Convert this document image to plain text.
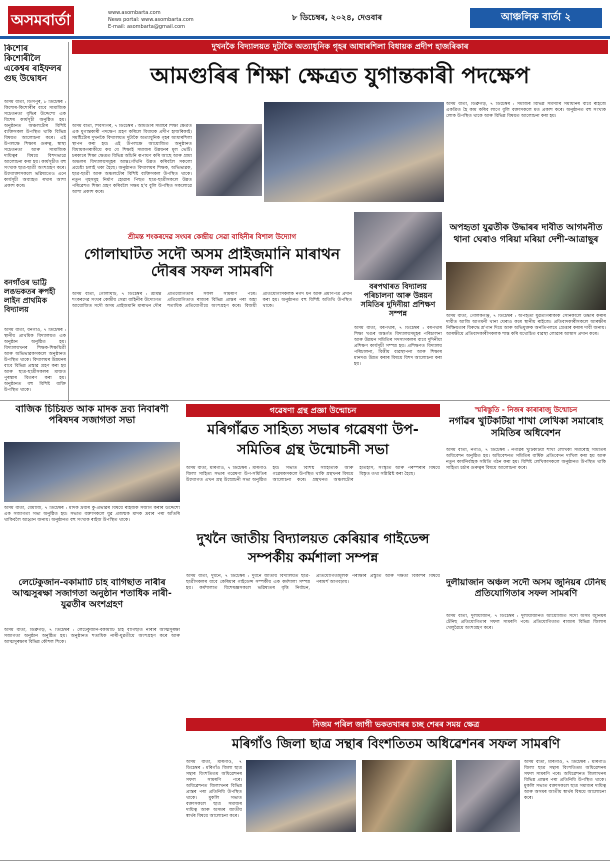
অসমবাৰ্তা	www.asombarta.com
News portal: www.asombarta.com
E-mail: asombarta@gmail.com
৮ ডিচেম্বৰ, ২০২৪, দেওবাৰ	আঞ্চলিক বাৰ্তা ২
কিশোৰ কিশোৰীলৈ একেশ্বৰ ৰাইফলৰ গুছ উদ্বোধন
অসম বাৰ্তা, ডিসপুৰ, ৮ ডিচেম্বৰ : কিশোৰ-কিশোৰীৰ বাবে সামাজিক সচেতনতা বৃদ্ধিৰ উদ্দেশ্যে এক বিশেষ কাৰ্যসূচী অনুষ্ঠিত হয়। অনুষ্ঠানত অঞ্চলটোৰ বিশিষ্ট ব্যক্তিসকল উপস্থিত থাকি বিভিন্ন বিষয়ত আলোচনা কৰে। এই উপলক্ষে শিক্ষাৰ গুৰুত্ব, স্বাস্থ্য সচেতনতা আৰু সামাজিক দায়িত্বৰ বিষয়ে বিশদভাৱে আলোচনা কৰা হয়। কাৰ্যসূচীত বহু সংখ্যক ছাত্ৰ-ছাত্ৰী অংশগ্ৰহণ কৰে। উদ্যোক্তাসকলে ভৱিষ্যতেও এনে কাৰ্যসূচী অব্যাহত ৰখাৰ আশা প্ৰকাশ কৰে।
বনগাঁওৰ ভাট্টি লঙভকতৰ ৰুপহী লাইন প্ৰাথমিক বিদ্যালয়
অসম বাৰ্তা, বনগাঁও, ৭ ডিচেম্বৰ : স্থানীয় প্ৰাথমিক বিদ্যালয়ত এক অনুষ্ঠান অনুষ্ঠিত হয়। বিদ্যালয়খনৰ শিক্ষক-শিক্ষয়িত্ৰী আৰু অভিভাৱকসকলে অনুষ্ঠানত উপস্থিত থাকে। বিদ্যালয়ৰ উন্নয়নৰ বাবে বিভিন্ন প্ৰস্তাৱ গ্ৰহণ কৰা হয় আৰু ছাত্ৰ-ছাত্ৰীসকলৰ মাজত পুৰস্কাৰ বিতৰণ কৰা হয়। অনুষ্ঠানত বহু বিশিষ্ট ব্যক্তি উপস্থিত থাকে।
দুখনকৈ বিদ্যালয়ত দুটাকৈ অত্যাধুনিক গৃহৰ আধাৰশিলা বিধায়ক প্ৰদীপ হাজৰিকাৰ
আমগুৰিৰ শিক্ষা ক্ষেত্ৰত যুগান্তকাৰী পদক্ষেপ
অসম বাৰ্তা, শিবসাগৰ, ৭ ডিচেম্বৰ : আমগুৰি সমষ্টিৰ শিক্ষা ক্ষেত্ৰত এক যুগান্তকাৰী পদক্ষেপ গ্ৰহণ কৰিলে বিধায়ক প্ৰদীপ হাজৰিকাই। সমষ্টিটোৰ দুখনকৈ বিদ্যালয়ত দুটাকৈ অত্যাধুনিক গৃহৰ আধাৰশিলা স্থাপন কৰা হয়। এই উপলক্ষে আয়োজিত অনুষ্ঠানত বিধায়কগৰাকীয়ে কয় যে শিক্ষাই সমাজৰ উন্নয়নৰ মূল ভেটি। চৰকাৰে শিক্ষা ক্ষেত্ৰত বিভিন্ন আঁচনি ৰূপায়ণ কৰি আছে আৰু গ্ৰাম্য অঞ্চলৰ বিদ্যালয়সমূহৰ আন্তঃগাঁথনি উন্নত কৰিবলৈ সকলো প্ৰচেষ্টা চলাই থকা হৈছে। অনুষ্ঠানত বিদ্যালয়ৰ শিক্ষক, অভিভাৱক, ছাত্ৰ-ছাত্ৰী আৰু অঞ্চলটোৰ বিশিষ্ট ব্যক্তিসকল উপস্থিত থাকে। নতুন গৃহসমূহ নিৰ্মাণ হোৱাৰ পিছত ছাত্ৰ-ছাত্ৰীসকলে উন্নত পৰিৱেশত শিক্ষা গ্ৰহণ কৰিবলৈ সক্ষম হ'ব বুলি উপস্থিত সকলোৱে আশা প্ৰকাশ কৰে।
অসম বাৰ্তা, ডিব্ৰুগড়, ৭ ডিচেম্বৰ : সমাজৰ বিভিন্ন সমস্যাৰ সমাধানৰ বাবে ৰাইজে একত্ৰিত হৈ কাম কৰিব লাগে বুলি বক্তাসকলে মত প্ৰকাশ কৰে। অনুষ্ঠানত বহু সংখ্যক লোক উপস্থিত থাকে আৰু বিভিন্ন বিষয়ত আলোচনা কৰা হয়।
অপহৃতা যুৱতীক উদ্ধাৰৰ দাবীত আগমনীত থানা ঘেৰাও গৰিয়া মৰিয়া দেশী-আত্ৰাছুৰ
অসম বাৰ্তা, গোলকগঞ্জ, ৭ ডিচেম্বৰ : অপহৃতা যুৱতীগৰাকীক সোনকালে উদ্ধাৰ কৰাৰ দাবীত আজি আগমনী থানা ঘেৰাও কৰে স্থানীয় ৰাইজে। প্ৰতিবাদকাৰীসকলে আৰক্ষীৰ নিষ্ক্ৰিয়তাৰ বিৰুদ্ধে শ্ল'গান দিয়ে আৰু অভিযুক্তক অনতিপলমে গ্ৰেপ্তাৰ কৰাৰ দাবী জনায়। আৰক্ষীয়ে প্ৰতিবাদকাৰীসকলক শান্ত কৰি যথোচিত ব্যৱস্থা লোৱাৰ আশ্বাস প্ৰদান কৰে।
শ্ৰীমন্ত শংকৰদেৱ সংঘৰ কেন্দ্ৰীয় সেৱা বাহিনীৰ বিশাল উদ্যোগ
গোলাঘাটত সদৌ অসম প্ৰাইজমানি মাৰাথন দৌৰৰ সফল সামৰণি
অসম বাৰ্তা, গোলাঘাট, ৭ ডিচেম্বৰ : শ্ৰীমন্ত শংকৰদেৱ সংঘৰ কেন্দ্ৰীয় সেৱা বাহিনীৰ উদ্যোগত আয়োজিত সদৌ অসম প্ৰাইজমানি মাৰাথন দৌৰ প্ৰতিযোগিতাৰ সফল সামৰণি পৰে। প্ৰতিযোগিতাত ৰাজ্যৰ বিভিন্ন প্ৰান্তৰ পৰা অহা শতাধিক প্ৰতিযোগীয়ে অংশগ্ৰহণ কৰে। বিজয়ী প্ৰতিযোগীসকলক নগদ ধন আৰু প্ৰমাণপত্ৰ প্ৰদান কৰা হয়। অনুষ্ঠানত বহু বিশিষ্ট অতিথি উপস্থিত থাকে।
বৰপথাৰত বিদ্যালয় পৰিচালনা আৰু উন্নয়ন সমিতিৰ দুদিনীয়া প্ৰশিক্ষণ সম্পন্ন
অসম বাৰ্তা, বৰপথাৰ, ৭ ডিচেম্বৰ : বৰপথাৰ শিক্ষা খণ্ডৰ অন্তৰ্গত বিদ্যালয়সমূহৰ পৰিচালনা আৰু উন্নয়ন সমিতিৰ সদস্যসকলৰ বাবে দুদিনীয়া প্ৰশিক্ষণ কাৰ্যসূচী সম্পন্ন হয়। প্ৰশিক্ষণত বিদ্যালয় পৰিচালনা, বিত্তীয় ব্যৱস্থাপনা আৰু শিক্ষাৰ মানদণ্ড উন্নত কৰাৰ বিষয়ে বিশদ আলোচনা কৰা হয়।
বাজিক চিচিয়ত আক মাদক দ্ৰব্য নিবাৰণী পৰিষদৰ সজাগতা সভা
অসম বাৰ্তা, ধেমাজি, ৭ ডিচেম্বৰ : মাদক দ্ৰব্যৰ কু-প্ৰভাৱৰ বিষয়ে ৰাইজক সজাগ কৰাৰ উদ্দেশ্যে এক সজাগতা সভা অনুষ্ঠিত হয়। সভাত বক্তাসকলে যুৱ প্ৰজন্মক মাদক দ্ৰব্যৰ পৰা আঁতৰি থাকিবলৈ আহ্বান জনায়। অনুষ্ঠানত বহু সংখ্যক ৰাইজ উপস্থিত থাকে।
লেটেকুজান-বকামাটি চাহ বাগিছাত নাৰীৰ আত্মসুৰক্ষা সজাগতা অনুষ্ঠান শতাধিক নাৰী-যুৱতীৰ অংশগ্ৰহণ
অসম বাৰ্তা, ডিব্ৰুগড়, ৭ ডিচেম্বৰ : লেটেকুজান-বকামাটি চাহ বাগিছাত নাৰীৰ আত্মসুৰক্ষা সজাগতা অনুষ্ঠান অনুষ্ঠিত হয়। অনুষ্ঠানত শতাধিক নাৰী-যুৱতীয়ে অংশগ্ৰহণ কৰে আৰু আত্মসুৰক্ষাৰ বিভিন্ন কৌশল শিকে।
গৱেষণা গ্ৰন্থ প্ৰজ্ঞা উন্মোচন
মৰিগাঁৱত সাহিত্য সভাৰ গৱেষণা উপ-সমিতিৰ গ্ৰন্থ উন্মোচনী সভা
অসম বাৰ্তা, মৰিগাঁও, ৭ ডিচেম্বৰ : মৰিগাঁও জিলা সাহিত্য সভাৰ গৱেষণা উপ-সমিতিৰ উদ্যোগত এখন গ্ৰন্থ উন্মোচনী সভা অনুষ্ঠিত হয়। সভাত বিশিষ্ট সাহিত্যিক আৰু গৱেষকসকলে উপস্থিত থাকি গ্ৰন্থখনৰ বিষয়ে আলোচনা কৰে। গ্ৰন্থখনত অঞ্চলটোৰ ইতিহাস, সংস্কৃতি আৰু পৰম্পৰাৰ বিষয়ে বিস্তৃত তথ্য সন্নিৱিষ্ট কৰা হৈছে।
দুখনৈ জাতীয় বিদ্যালয়ত কেৰিয়াৰ গাইডেন্স সম্পৰ্কীয় কৰ্মশালা সম্পন্ন
অসম বাৰ্তা, দুধনৈ, ৭ ডিচেম্বৰ : দুধনৈ জাতীয় বিদ্যালয়ত ছাত্ৰ-ছাত্ৰীসকলৰ বাবে কেৰিয়াৰ গাইডেন্স সম্পৰ্কীয় এক কৰ্মশালা সম্পন্ন হয়। কৰ্মশালাত বিশেষজ্ঞসকলে ভৱিষ্যতৰ বৃত্তি নিৰ্বাচন, প্ৰতিযোগিতামূলক পৰীক্ষাৰ প্ৰস্তুতি আৰু দক্ষতা বিকাশৰ বিষয়ে পৰামৰ্শ আগবঢ়ায়।
স্মৰিস্তুতি - নিজৰ কাৰাৰাজু উন্মোচন
নগাঁৱৰ খুটিকটিয়া শাখা লেখিকা সমাৰোহ সমিতিৰ অধিবেশন
অসম বাৰ্তা, নগাঁও, ৭ ডিচেম্বৰ : নগাঁৱৰ খুটিকটিয়া শাখা লেখিকা সমাৰোহ সমিতিৰ অধিবেশন অনুষ্ঠিত হয়। অধিবেশনত সমিতিৰ বাৰ্ষিক প্ৰতিবেদন দাখিল কৰা হয় আৰু নতুন কাৰ্যনিৰ্বাহক সমিতি গঠন কৰা হয়। বিশিষ্ট লেখিকাসকলে অনুষ্ঠানত উপস্থিত থাকি সাহিত্য চৰ্চাৰ গুৰুত্বৰ বিষয়ে আলোচনা কৰে।
দুলীয়াজান অঞ্চল সদৌ অসম জুনিয়ৰ টেনিছ প্ৰতিযোগিতাৰ সফল সামৰণি
অসম বাৰ্তা, দুলীয়াজান, ৭ ডিচেম্বৰ : দুলীয়াজানত আয়োজিত সদৌ অসম জুনিয়ৰ টেনিছ প্ৰতিযোগিতাৰ সফল সামৰণি পৰে। প্ৰতিযোগিতাত ৰাজ্যৰ বিভিন্ন জিলাৰ খেলুৱৈয়ে অংশগ্ৰহণ কৰে।
নিজম পৰিল জাগী ভকতখাৰৰ চচ্ছ শেৰৰ সময় ক্ষেত্ৰ
মৰিগাঁও জিলা ছাত্ৰ সন্থাৰ বিংশতিতম অধিৱেশনৰ সফল সামৰণি
অসম বাৰ্তা, মৰিগাঁও, ৭ ডিচেম্বৰ : মৰিগাঁও জিলা ছাত্ৰ সন্থাৰ বিংশতিতম অধিৱেশনৰ সফল সামৰণি পৰে। অধিৱেশনত জিলাখনৰ বিভিন্ন প্ৰান্তৰ পৰা প্ৰতিনিধি উপস্থিত থাকে। মুকলি সভাত বক্তাসকলে ছাত্ৰ সমাজৰ দায়িত্ব আৰু অসমৰ জাতীয় স্বাৰ্থৰ বিষয়ে আলোচনা কৰে।
অসম বাৰ্তা, মৰিগাঁও, ৭ ডিচেম্বৰ : মৰিগাঁও জিলা ছাত্ৰ সন্থাৰ বিংশতিতম অধিৱেশনৰ সফল সামৰণি পৰে। অধিৱেশনত জিলাখনৰ বিভিন্ন প্ৰান্তৰ পৰা প্ৰতিনিধি উপস্থিত থাকে। মুকলি সভাত বক্তাসকলে ছাত্ৰ সমাজৰ দায়িত্ব আৰু অসমৰ জাতীয় স্বাৰ্থৰ বিষয়ে আলোচনা কৰে।
